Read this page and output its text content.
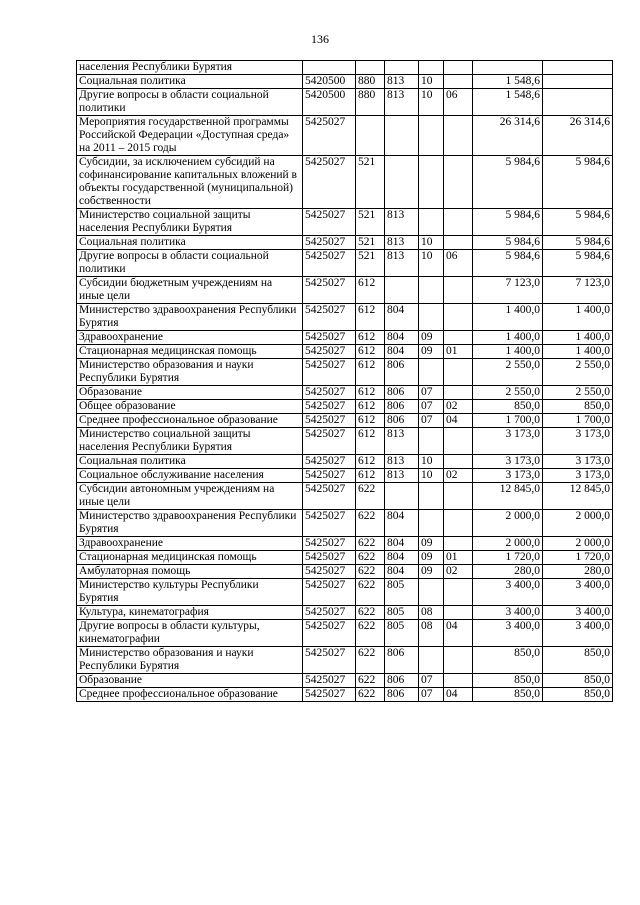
136
населения Республики Бурятия							
Социальная политика	5420500	880	813	10		1 548,6	
Другие вопросы в области социальной политики	5420500	880	813	10	06	1 548,6	
Мероприятия государственной программы Российской Федерации «Доступная среда» на 2011 – 2015 годы	5425027					26 314,6	26 314,6
Субсидии, за исключением субсидий на софинансирование капитальных вложений в объекты государственной (муниципальной) собственности	5425027	521				5 984,6	5 984,6
Министерство социальной защиты населения Республики Бурятия	5425027	521	813			5 984,6	5 984,6
Социальная политика	5425027	521	813	10		5 984,6	5 984,6
Другие вопросы в области социальной политики	5425027	521	813	10	06	5 984,6	5 984,6
Субсидии бюджетным учреждениям на иные цели	5425027	612				7 123,0	7 123,0
Министерство здравоохранения Республики Бурятия	5425027	612	804			1 400,0	1 400,0
Здравоохранение	5425027	612	804	09		1 400,0	1 400,0
Стационарная медицинская помощь	5425027	612	804	09	01	1 400,0	1 400,0
Министерство образования и науки Республики Бурятия	5425027	612	806			2 550,0	2 550,0
Образование	5425027	612	806	07		2 550,0	2 550,0
Общее образование	5425027	612	806	07	02	850,0	850,0
Среднее профессиональное образование	5425027	612	806	07	04	1 700,0	1 700,0
Министерство социальной защиты населения Республики Бурятия	5425027	612	813			3 173,0	3 173,0
Социальная политика	5425027	612	813	10		3 173,0	3 173,0
Социальное обслуживание населения	5425027	612	813	10	02	3 173,0	3 173,0
Субсидии автономным учреждениям на иные цели	5425027	622				12 845,0	12 845,0
Министерство здравоохранения Республики Бурятия	5425027	622	804			2 000,0	2 000,0
Здравоохранение	5425027	622	804	09		2 000,0	2 000,0
Стационарная медицинская помощь	5425027	622	804	09	01	1 720,0	1 720,0
Амбулаторная помощь	5425027	622	804	09	02	280,0	280,0
Министерство культуры Республики Бурятия	5425027	622	805			3 400,0	3 400,0
Культура, кинематография	5425027	622	805	08		3 400,0	3 400,0
Другие вопросы в области культуры, кинематографии	5425027	622	805	08	04	3 400,0	3 400,0
Министерство образования и науки Республики Бурятия	5425027	622	806			850,0	850,0
Образование	5425027	622	806	07		850,0	850,0
Среднее профессиональное образование	5425027	622	806	07	04	850,0	850,0
